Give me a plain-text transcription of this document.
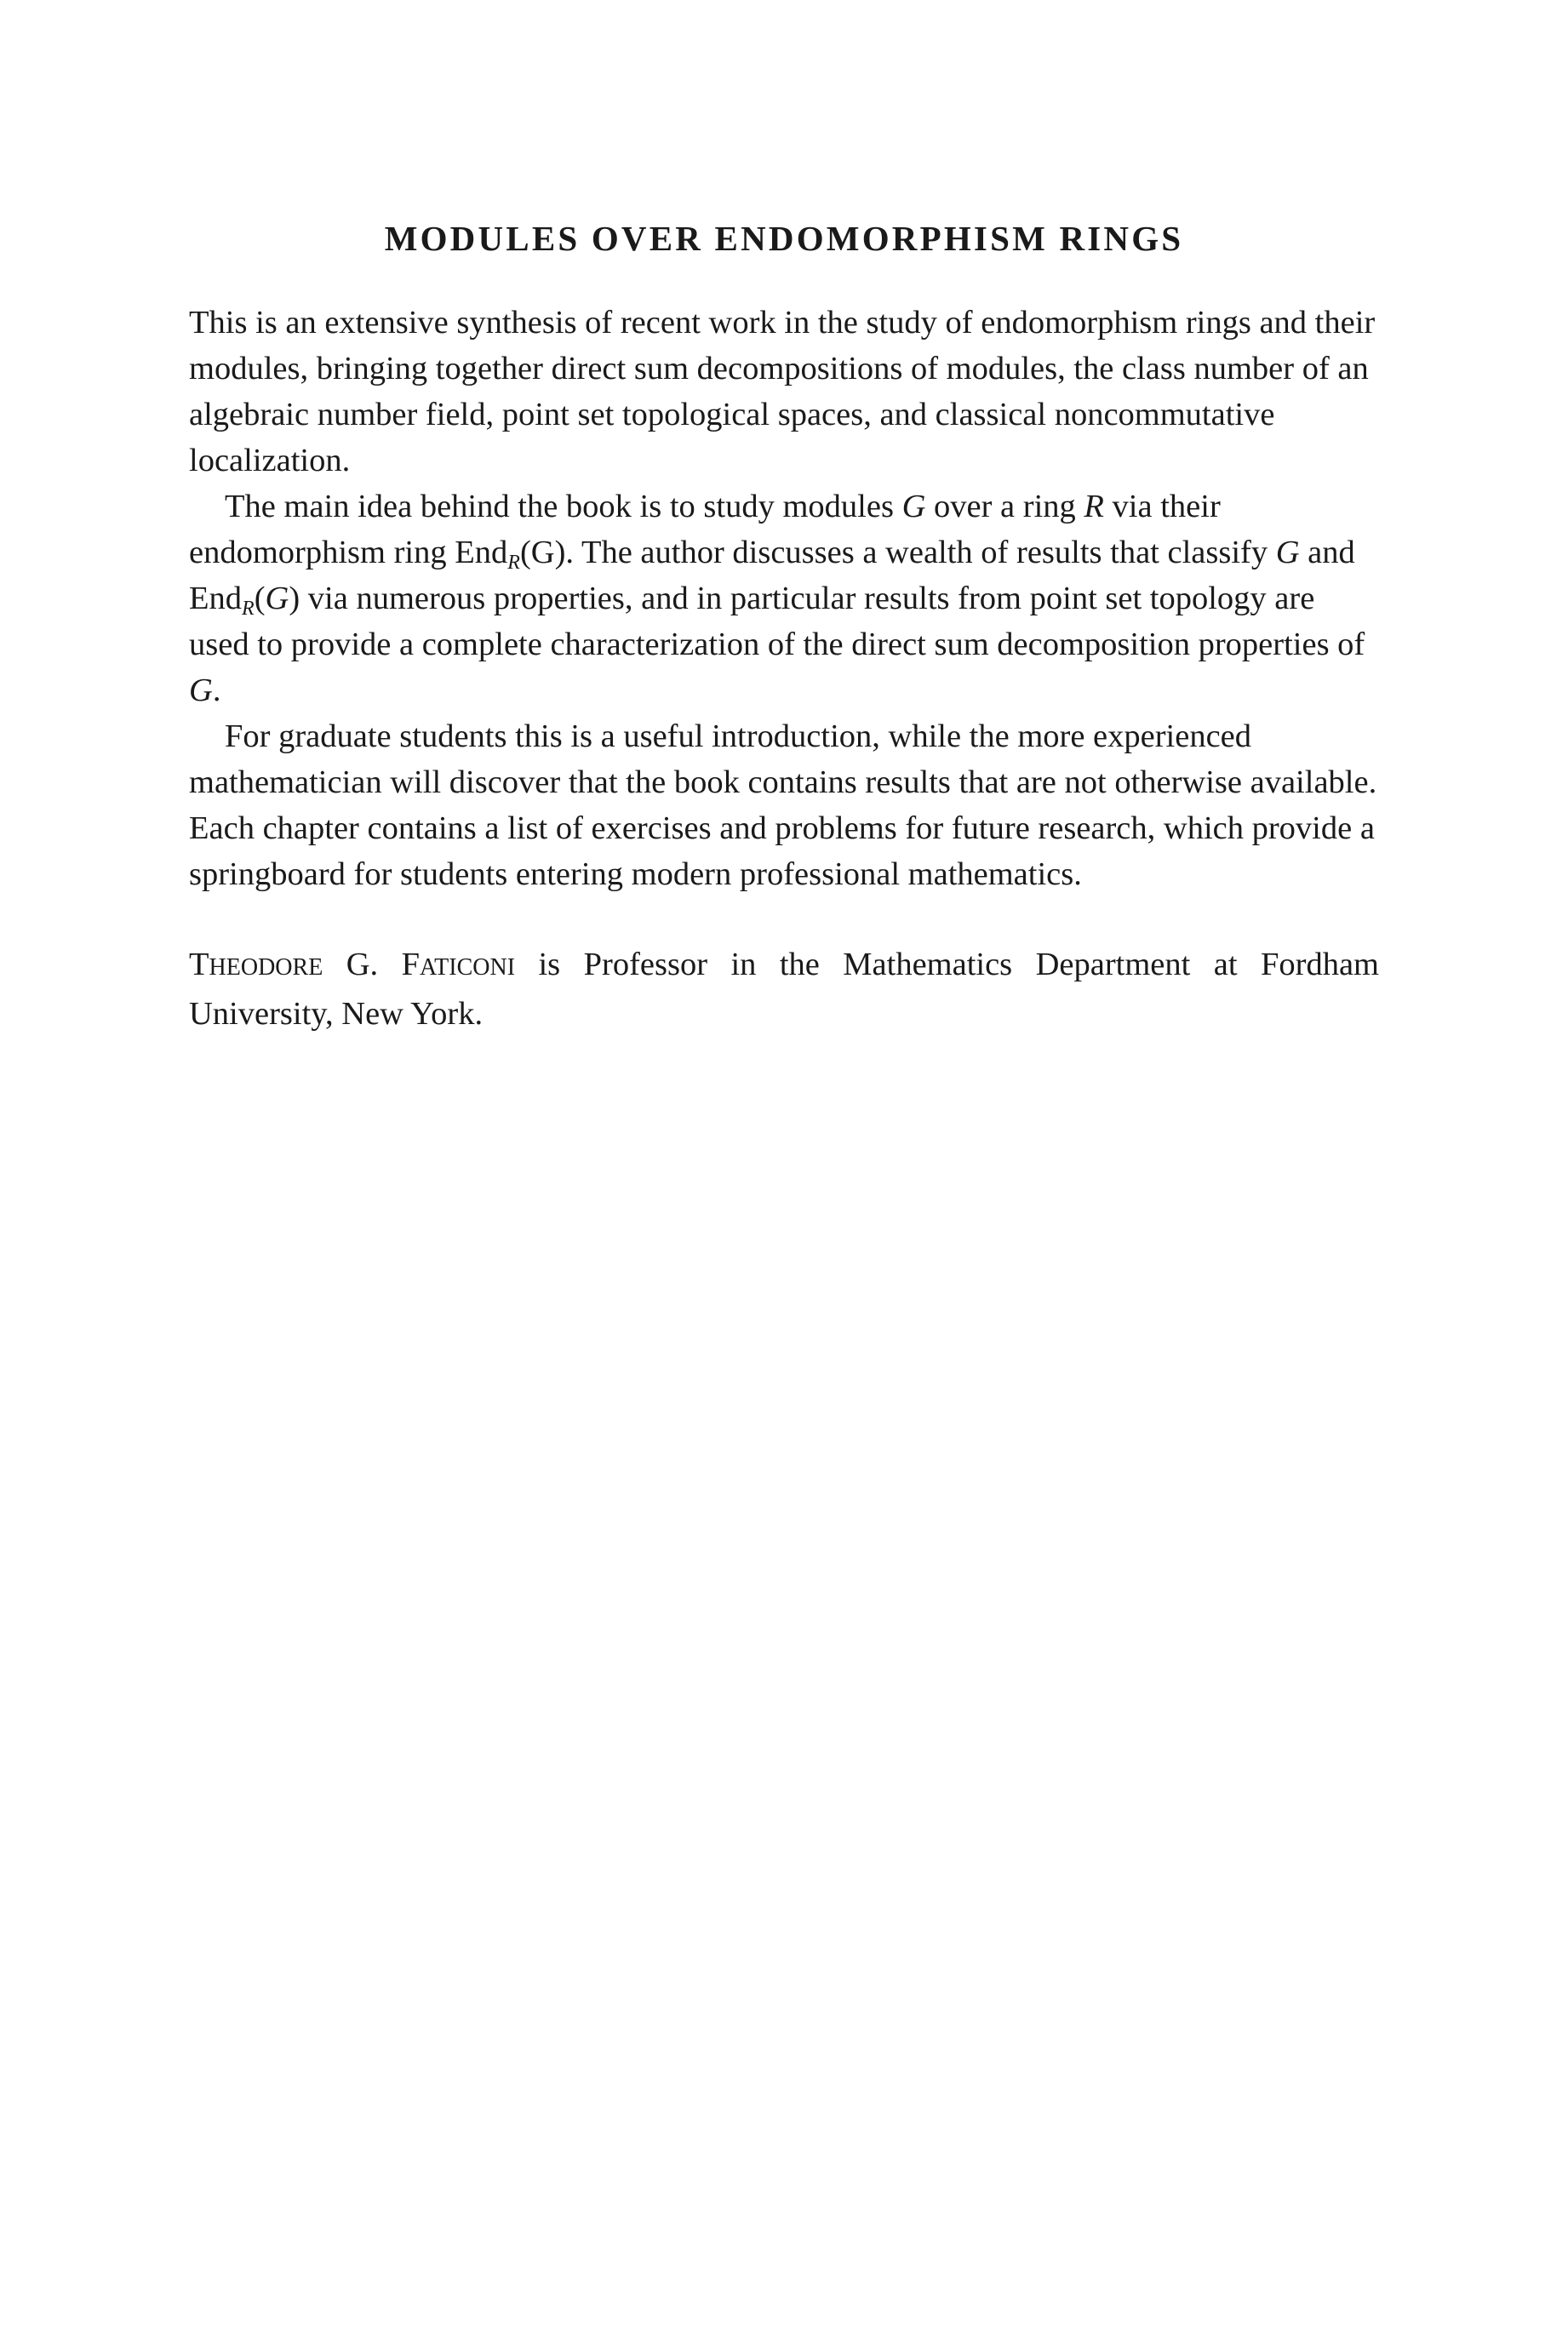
MODULES OVER ENDOMORPHISM RINGS

This is an extensive synthesis of recent work in the study of endomorphism rings and their modules, bringing together direct sum decompositions of modules, the class number of an algebraic number field, point set topological spaces, and classical noncommutative localization.

The main idea behind the book is to study modules G over a ring R via their endomorphism ring End$_R$(G). The author discusses a wealth of results that classify G and End$_R$(G) via numerous properties, and in particular results from point set topology are used to provide a complete characterization of the direct sum decomposition properties of G.

For graduate students this is a useful introduction, while the more experienced mathematician will discover that the book contains results that are not otherwise available. Each chapter contains a list of exercises and problems for future research, which provide a springboard for students entering modern professional mathematics.

THEODORE G. FATICONI is Professor in the Mathematics Department at Fordham University, New York.
